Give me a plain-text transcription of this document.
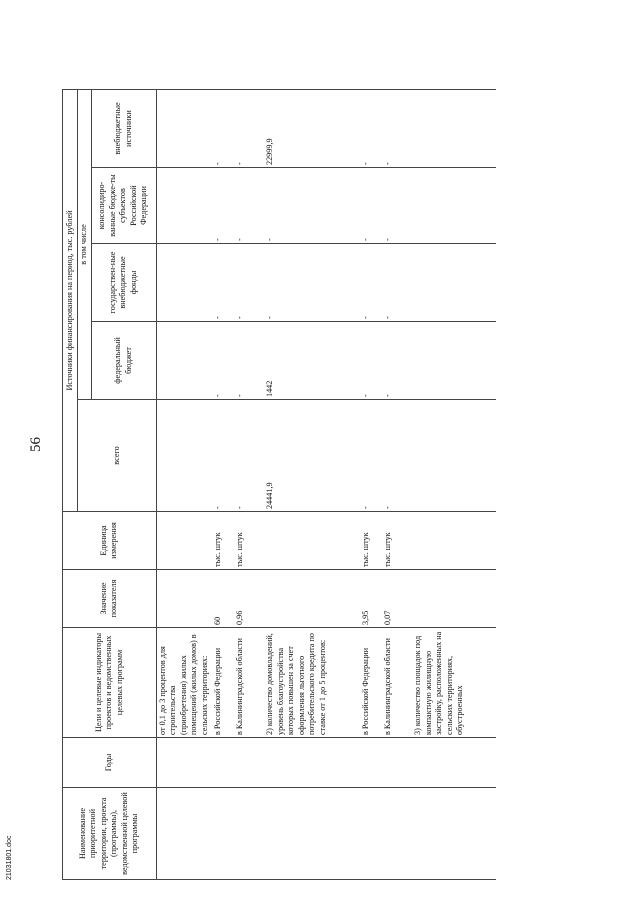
21031801.doc
56
Наименование приоритетной территории, проекта (программы), ведомственной целевой программы	Годы	Цели и целевые индикаторы проектов и ведомственных целевых программ	Значение показателя	Единица измерения	Источники финансирования на период, тыс. рублей				
					всего	в том числе			
						федеральный бюджет	государствен-ные внебюджетные фонды	консолидиро-ванные бюдже-ты субъектов Российской Федерации	внебюджетные источники
		от 0,1 до 3 процентов для строительства (приобретения) жилых помещений (жилых домов) в сельских территориях:							
		в Российской Федерации	60	тыс. штук	-	-	-	-	-
		в Калининградской области	0,96	тыс. штук	-	-	-	-	-
		2) количество домовладений, уровень благоустройства которых повышен за счет оформления льготного потребительского кредита по ставке от 1 до 5 процентов:			24441,9	1442	-	-	22999,9
		в Российской Федерации	3,95	тыс. штук	-	-	-	-	-
		в Калининградской области	0,07	тыс. штук	-	-	-	-	-
		3) количество площадок под компактную жилищную застройку, расположенных на сельских территориях, обустроенных							
